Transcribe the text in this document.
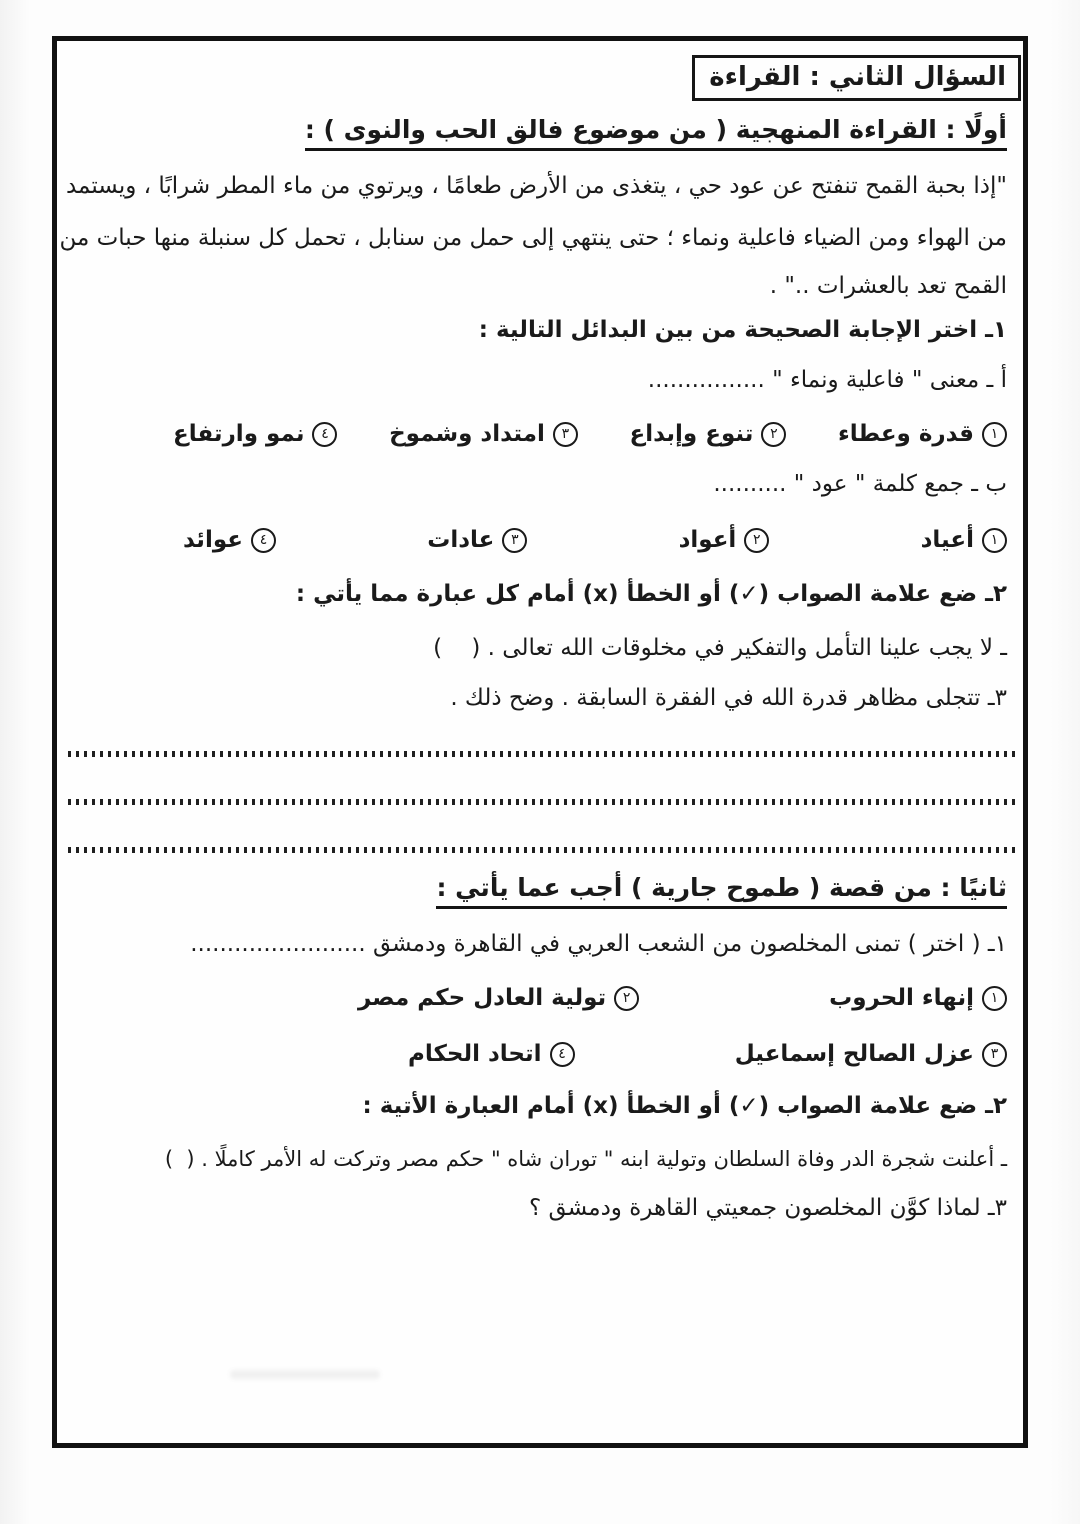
السؤال الثاني : القراءة
أولًا : القراءة المنهجية ( من موضوع فالق الحب والنوى ) :
"إذا بحبة القمح تنفتح عن عود حي ، يتغذى من الأرض طعامًا ، ويرتوي من ماء المطر شرابًا ، ويستمد
من الهواء ومن الضياء فاعلية ونماء ؛ حتى ينتهي إلى حمل من سنابل ، تحمل كل سنبلة منها حبات من
القمح تعد بالعشرات .." .
١ـ اختر الإجابة الصحيحة من بين البدائل التالية :
أ ـ معنى " فاعلية ونماء " ................
١
قدرة وعطاء
٢
تنوع وإبداع
٣
امتداد وشموخ
٤
نمو وارتفاع
ب ـ جمع كلمة " عود " ..........
١
أعياد
٢
أعواد
٣
عادات
٤
عوائد
٢ـ ضع علامة الصواب (✓) أو الخطأ (x) أمام كل عبارة مما يأتي :
ـ لا يجب علينا التأمل والتفكير في مخلوقات الله تعالى . (    )
٣ـ تتجلى مظاهر قدرة الله في الفقرة السابقة . وضح ذلك .
ثانيًا : من قصة ( طموح جارية ) أجب عما يأتي :
١ـ ( اختر ) تمنى المخلصون من الشعب العربي في القاهرة ودمشق ........................
١
إنهاء الحروب
٢
تولية العادل حكم مصر
٣
عزل الصالح إسماعيل
٤
اتحاد الحكام
٢ـ ضع علامة الصواب (✓) أو الخطأ (x) أمام العبارة الأتية :
ـ أعلنت شجرة الدر وفاة السلطان وتولية ابنه " توران شاه " حكم مصر وتركت له الأمر كاملًا . (  )
٣ـ لماذا كوَّن المخلصون جمعيتي القاهرة ودمشق ؟
